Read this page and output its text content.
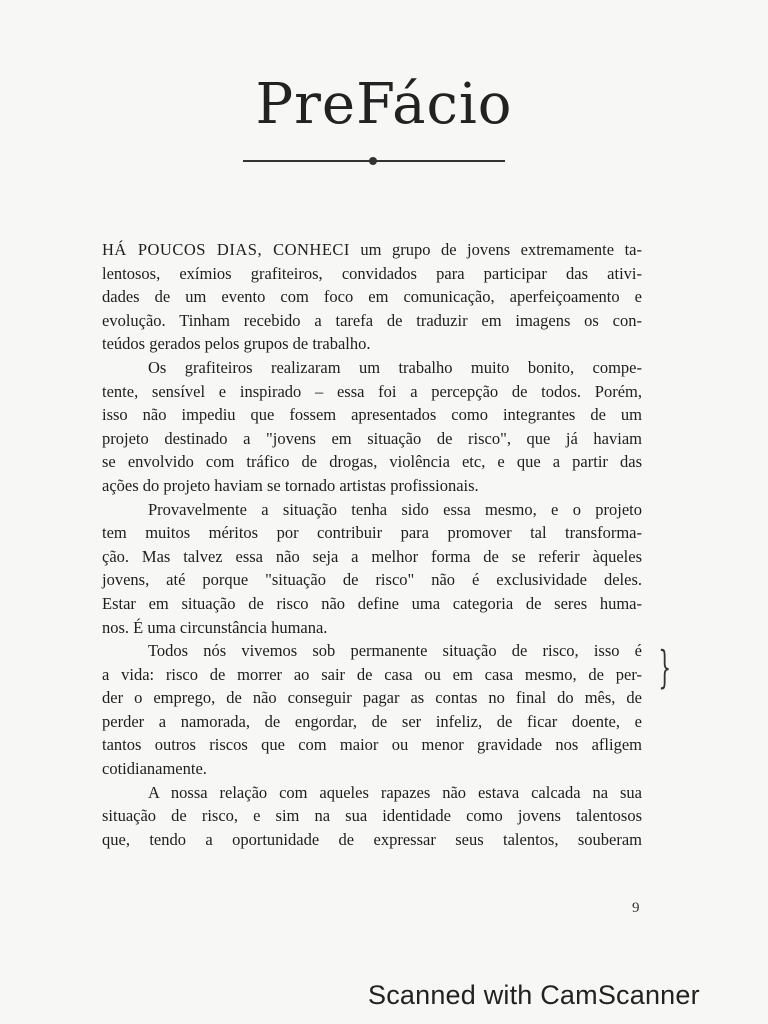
PreFácio
HÁ POUCOS DIAS, CONHECI um grupo de jovens extremamente ta-
lentosos, exímios grafiteiros, convidados para participar das ativi-
dades de um evento com foco em comunicação, aperfeiçoamento e
evolução. Tinham recebido a tarefa de traduzir em imagens os con-
teúdos gerados pelos grupos de trabalho.
Os grafiteiros realizaram um trabalho muito bonito, compe-
tente, sensível e inspirado – essa foi a percepção de todos. Porém,
isso não impediu que fossem apresentados como integrantes de um
projeto destinado a "jovens em situação de risco", que já haviam
se envolvido com tráfico de drogas, violência etc, e que a partir das
ações do projeto haviam se tornado artistas profissionais.
Provavelmente a situação tenha sido essa mesmo, e o projeto
tem muitos méritos por contribuir para promover tal transforma-
ção. Mas talvez essa não seja a melhor forma de se referir àqueles
jovens, até porque "situação de risco" não é exclusividade deles.
Estar em situação de risco não define uma categoria de seres huma-
nos. É uma circunstância humana.
Todos nós vivemos sob permanente situação de risco, isso é
a vida: risco de morrer ao sair de casa ou em casa mesmo, de per-
der o emprego, de não conseguir pagar as contas no final do mês, de
perder a namorada, de engordar, de ser infeliz, de ficar doente, e
tantos outros riscos que com maior ou menor gravidade nos afligem
cotidianamente.
A nossa relação com aqueles rapazes não estava calcada na sua
situação de risco, e sim na sua identidade como jovens talentosos
que, tendo a oportunidade de expressar seus talentos, souberam
}
9
Scanned with CamScanner
